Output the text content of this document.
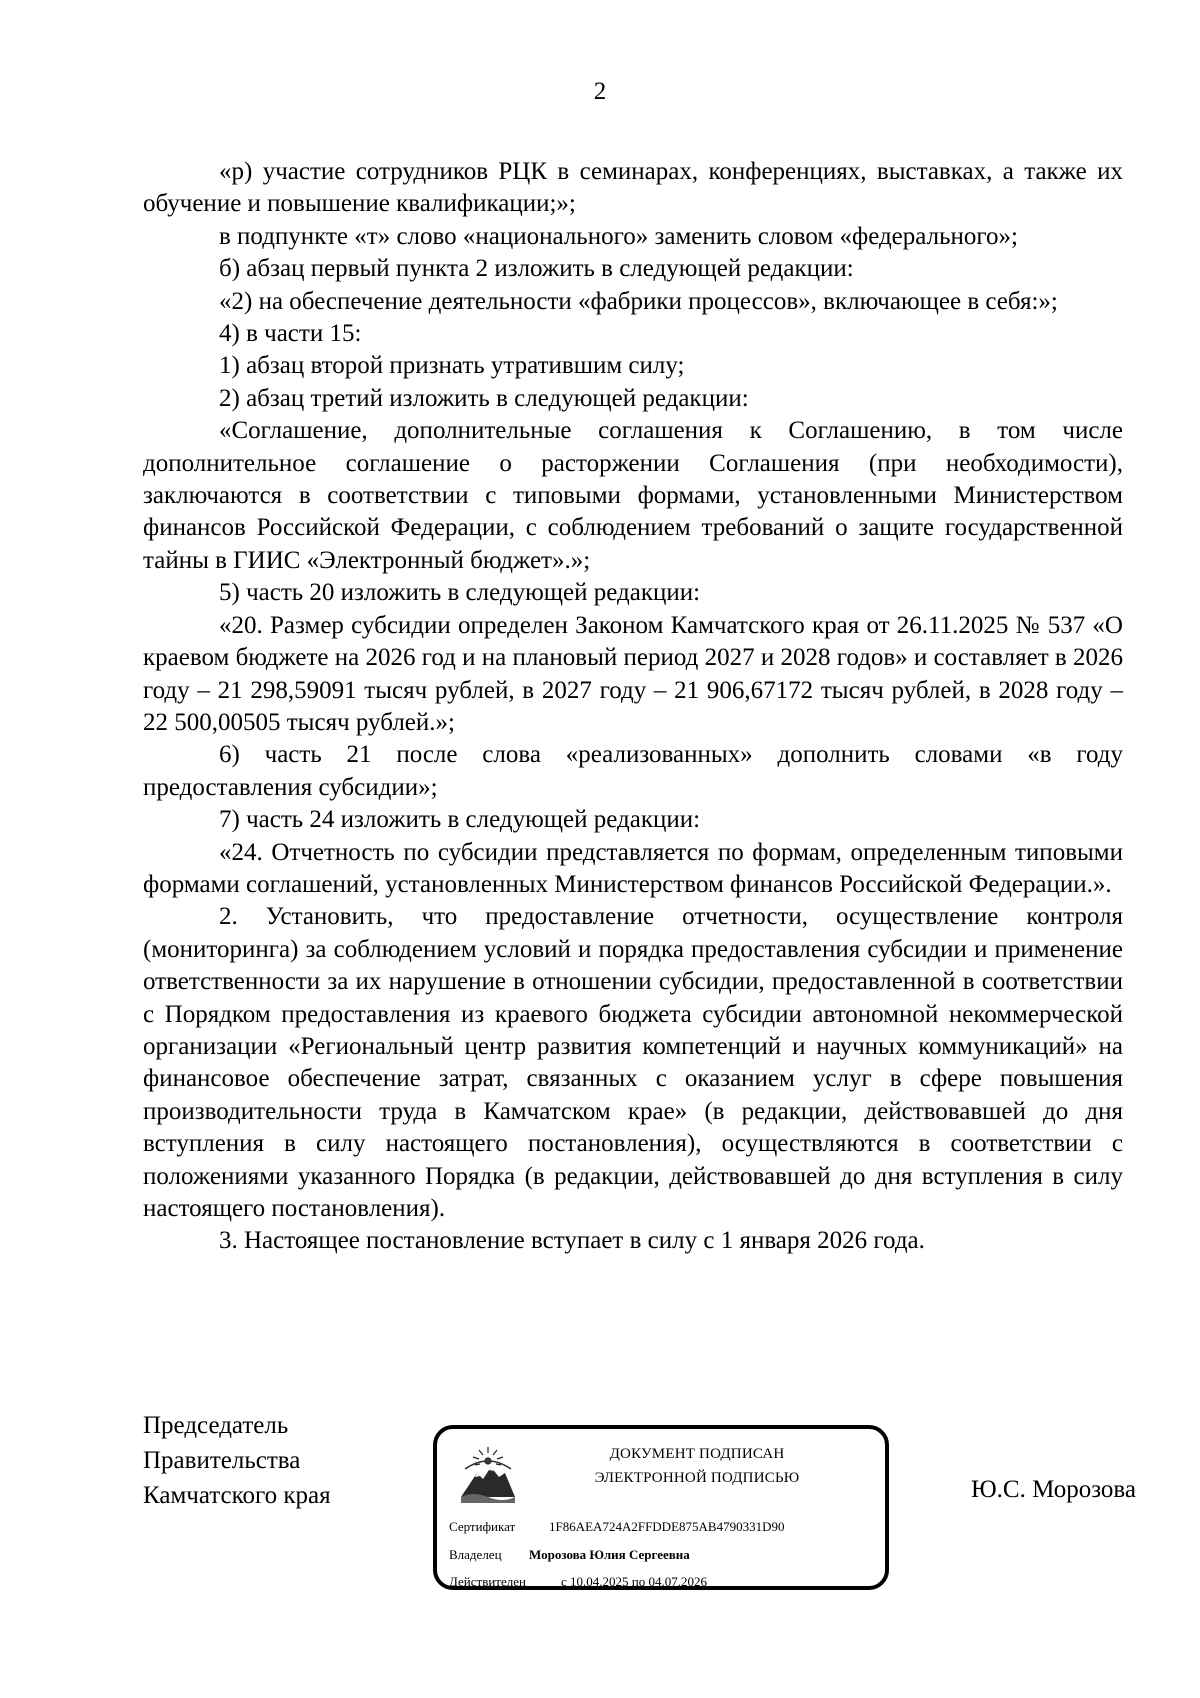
2

«р) участие сотрудников РЦК в семинарах, конференциях, выставках, а также их обучение и повышение квалификации;»;

в подпункте «т» слово «национального» заменить словом «федерального»;

б) абзац первый пункта 2 изложить в следующей редакции:

«2) на обеспечение деятельности «фабрики процессов», включающее в себя:»;

4) в части 15:

1) абзац второй признать утратившим силу;

2) абзац третий изложить в следующей редакции:

«Соглашение, дополнительные соглашения к Соглашению, в том числе дополнительное соглашение о расторжении Соглашения (при необходимости), заключаются в соответствии с типовыми формами, установленными Министерством финансов Российской Федерации, с соблюдением требований о защите государственной тайны в ГИИС «Электронный бюджет».»;

5) часть 20 изложить в следующей редакции:

«20. Размер субсидии определен Законом Камчатского края от 26.11.2025 № 537 «О краевом бюджете на 2026 год и на плановый период 2027 и 2028 годов» и составляет в 2026 году – 21 298,59091 тысяч рублей, в 2027 году – 21 906,67172 тысяч рублей, в 2028 году – 22 500,00505 тысяч рублей.»;

6) часть 21 после слова «реализованных» дополнить словами «в году предоставления субсидии»;

7) часть 24 изложить в следующей редакции:

«24. Отчетность по субсидии представляется по формам, определенным типовыми формами соглашений, установленных Министерством финансов Российской Федерации.».

2. Установить, что предоставление отчетности, осуществление контроля (мониторинга) за соблюдением условий и порядка предоставления субсидии и применение ответственности за их нарушение в отношении субсидии, предоставленной в соответствии с Порядком предоставления из краевого бюджета субсидии автономной некоммерческой организации «Региональный центр развития компетенций и научных коммуникаций» на финансовое обеспечение затрат, связанных с оказанием услуг в сфере повышения производительности труда в Камчатском крае» (в редакции, действовавшей до дня вступления в силу настоящего постановления), осуществляются в соответствии с положениями указанного Порядка (в редакции, действовавшей до дня вступления в силу настоящего постановления).

3. Настоящее постановление вступает в силу с 1 января 2026 года.

Председатель
Правительства
Камчатского края
ДОКУМЕНТ ПОДПИСАН
ЭЛЕКТРОННОЙ ПОДПИСЬЮ
Сертификат	1F86AEA724A2FFDDE875AB4790331D90
Владелец Морозова Юлия Сергеевна
Действителен	с 10.04.2025 по 04.07.2026
Ю.С. Морозова
